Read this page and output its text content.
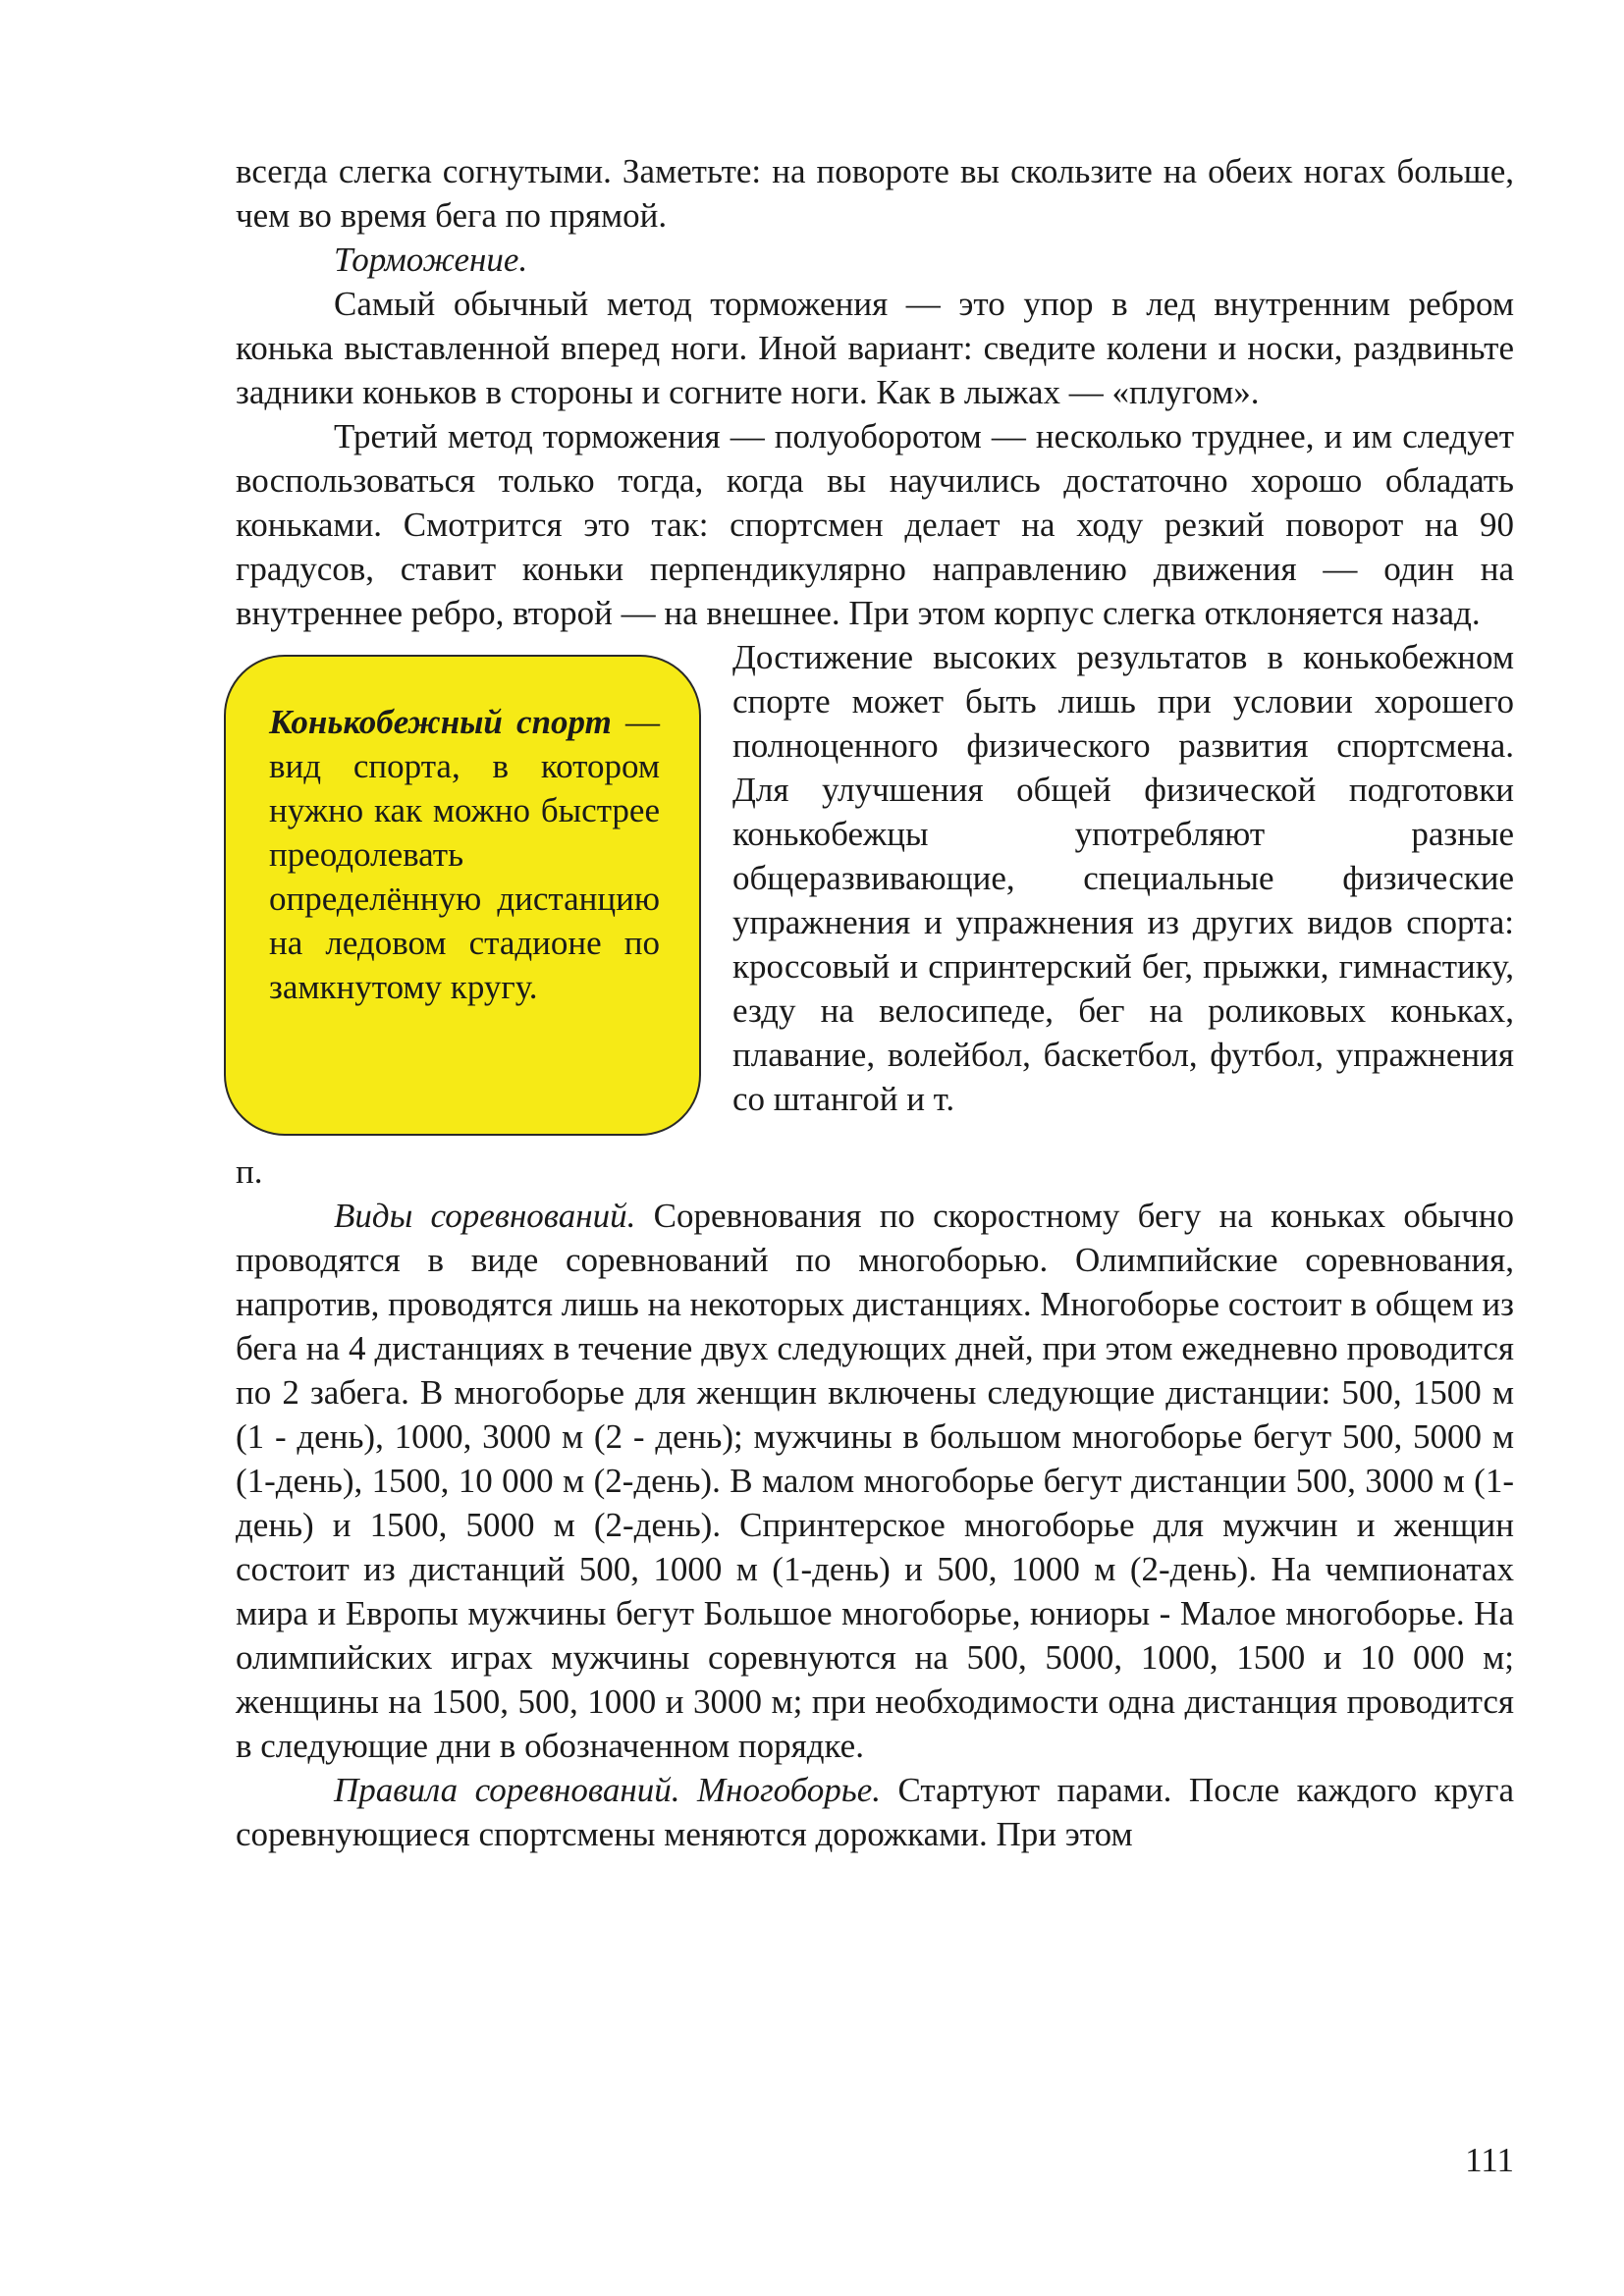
всегда слегка согнутыми. Заметьте: на повороте вы скользите на обеих ногах больше, чем во время бега по прямой.

Торможение.

Самый обычный метод торможения — это упор в лед внутренним ребром конька выставленной вперед ноги. Иной вариант: сведите колени и носки, раздвиньте задники коньков в стороны и согните ноги. Как в лыжах — «плугом».

Третий метод торможения — полуоборотом — несколько труднее, и им следует воспользоваться только тогда, когда вы научились достаточно хорошо обладать коньками. Смотрится это так: спортсмен делает на ходу резкий поворот на 90 градусов, ставит коньки перпендикулярно направлению движения — один на внутреннее ребро, второй — на внешнее. При этом корпус слегка отклоняется назад.

Конькобежный спорт — вид спорта, в котором нужно как можно быстрее преодолевать определённую дистанцию на ледовом стадионе по замкнутому кругу.

Достижение высоких результатов в конькобежном спорте может быть лишь при условии хорошего полноценного физического развития спортсмена. Для улучшения общей физической подготовки конькобежцы употребляют разные общеразвивающие, специальные физические упражнения и упражнения из других видов спорта: кроссовый и спринтерский бег, прыжки, гимнастику, езду на велосипеде, бег на роликовых коньках, плавание, волейбол, баскетбол, футбол, упражнения со штангой и т.

п.

Виды соревнований. Соревнования по скоростному бегу на коньках обычно проводятся в виде соревнований по многоборью. Олимпийские соревнования, напротив, проводятся лишь на некоторых дистанциях. Многоборье состоит в общем из бега на 4 дистанциях в течение двух следующих дней, при этом ежедневно проводится по 2 забега. В многоборье для женщин включены следующие дистанции: 500, 1500 м (1 - день), 1000, 3000 м (2 - день); мужчины в большом многоборье бегут 500, 5000 м (1-день), 1500, 10 000 м (2-день). В малом многоборье бегут дистанции 500, 3000 м (1-день) и 1500, 5000 м (2-день). Спринтерское многоборье для мужчин и женщин состоит из дистанций 500, 1000 м (1-день) и 500, 1000 м (2-день). На чемпионатах мира и Европы мужчины бегут Большое многоборье, юниоры - Малое многоборье. На олимпийских играх мужчины соревнуются на 500, 5000, 1000, 1500 и 10 000 м; женщины на 1500, 500, 1000 и 3000 м; при необходимости одна дистанция проводится в следующие дни в обозначенном порядке.

Правила соревнований. Многоборье. Стартуют парами. После каждого круга соревнующиеся спортсмены меняются дорожками. При этом

111
